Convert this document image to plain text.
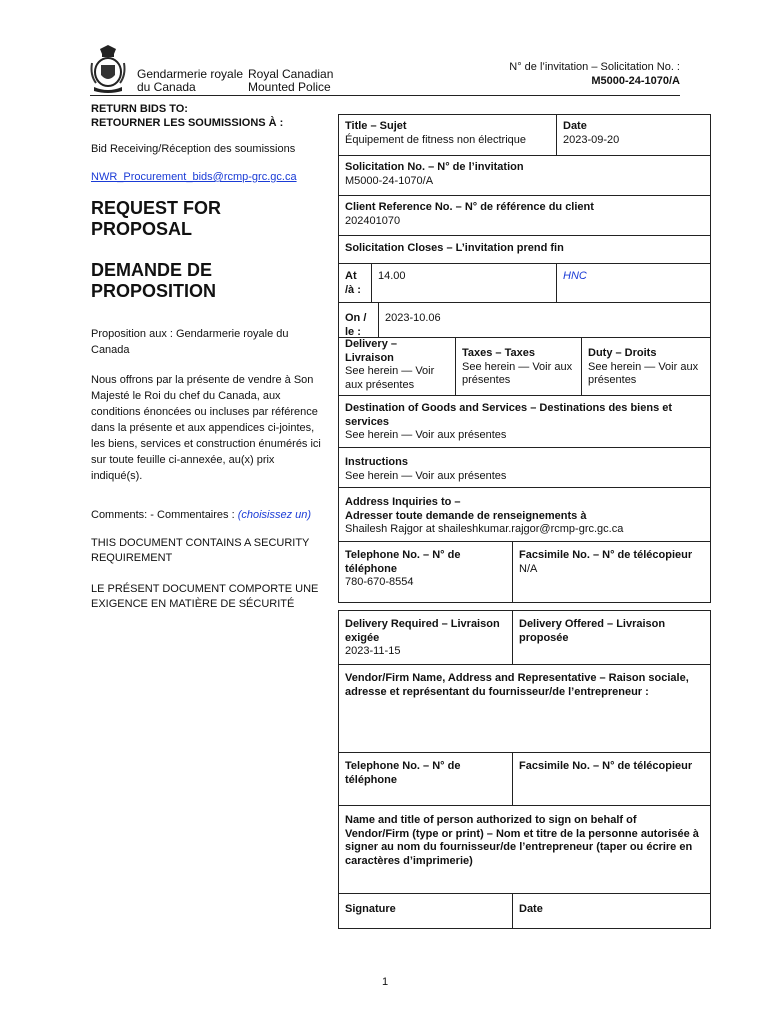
Gendarmerie royale
du Canada
Royal Canadian
Mounted Police
N° de l’invitation – Solicitation No. :
M5000-24-1070/A
RETURN BIDS TO:
RETOURNER LES SOUMISSIONS À :
Bid Receiving/Réception des soumissions
NWR_Procurement_bids@rcmp-grc.gc.ca
REQUEST FOR
PROPOSAL
DEMANDE DE
PROPOSITION
Proposition aux : Gendarmerie royale du Canada
Nous offrons par la présente de vendre à Son Majesté le Roi du chef du Canada, aux conditions énoncées ou incluses par référence dans la présente et aux appendices ci-jointes, les biens, services et construction énumérés ici sur toute feuille ci-annexée, au(x) prix indiqué(s).
Comments: - Commentaires : (choisissez un)
THIS DOCUMENT CONTAINS A SECURITY REQUIREMENT
LE PRÉSENT DOCUMENT COMPORTE UNE EXIGENCE EN MATIÈRE DE SÉCURITÉ
Title – Sujet
Équipement de fitness non électrique
Date
2023-09-20
Solicitation No. – N° de l’invitation
M5000-24-1070/A
Client Reference No. – N° de référence du client
202401070
Solicitation Closes – L’invitation prend fin
At
/à :
14.00	HNC
On /
le :
2023-10.06
Delivery –
Livraison
See herein — Voir aux présentes
Taxes – Taxes
See herein — Voir aux présentes
Duty – Droits
See herein — Voir aux présentes
Destination of Goods and Services – Destinations des biens et services
See herein — Voir aux présentes
Instructions
See herein — Voir aux présentes
Address Inquiries to –
Adresser toute demande de renseignements à
Shailesh Rajgor at shaileshkumar.rajgor@rcmp-grc.gc.ca
Telephone No. – N° de téléphone
780-670-8554
Facsimile No. – N° de télécopieur
N/A
Delivery Required – Livraison exigée
2023-11-15
Delivery Offered – Livraison proposée
Vendor/Firm Name, Address and Representative – Raison sociale, adresse et représentant du fournisseur/de l’entrepreneur :
Telephone No. – N° de téléphone
Facsimile No. – N° de télécopieur
Name and title of person authorized to sign on behalf of Vendor/Firm (type or print) – Nom et titre de la personne autorisée à signer au nom du fournisseur/de l’entrepreneur (taper ou écrire en caractères d’imprimerie)
Signature	Date
1
